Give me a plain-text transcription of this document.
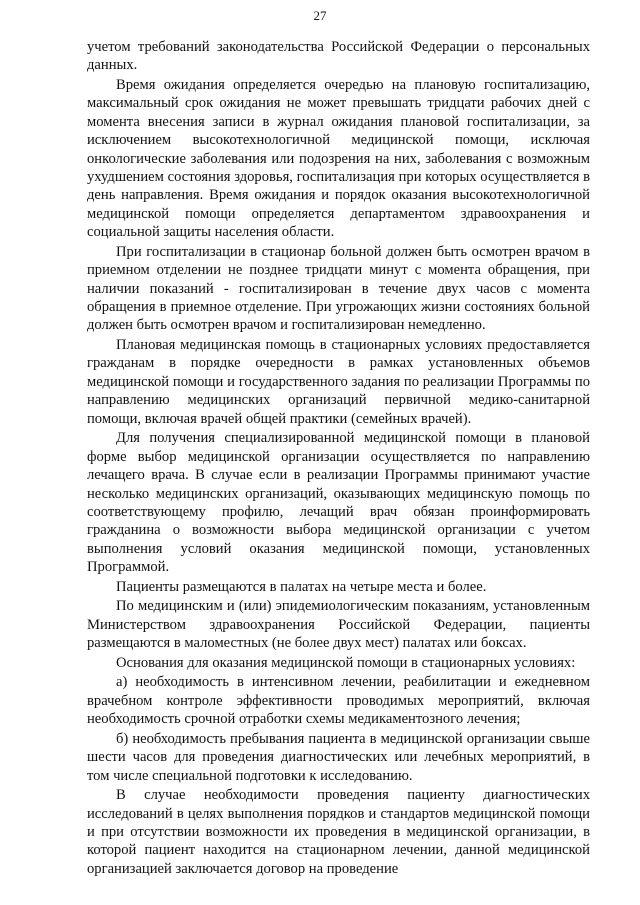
27

учетом требований законодательства Российской Федерации о персональных данных.

Время ожидания определяется очередью на плановую госпитализацию, максимальный срок ожидания не может превышать тридцати рабочих дней с момента внесения записи в журнал ожидания плановой госпитализации, за исключением высокотехнологичной медицинской помощи, исключая онкологические заболевания или подозрения на них, заболевания с возможным ухудшением состояния здоровья, госпитализация при которых осуществляется в день направления. Время ожидания и порядок оказания высокотехнологичной медицинской помощи определяется департаментом здравоохранения и социальной защиты населения области.

При госпитализации в стационар больной должен быть осмотрен врачом в приемном отделении не позднее тридцати минут с момента обращения, при наличии показаний - госпитализирован в течение двух часов с момента обращения в приемное отделение. При угрожающих жизни состояниях больной должен быть осмотрен врачом и госпитализирован немедленно.

Плановая медицинская помощь в стационарных условиях предоставляется гражданам в порядке очередности в рамках установленных объемов медицинской помощи и государственного задания по реализации Программы по направлению медицинских организаций первичной медико-санитарной помощи, включая врачей общей практики (семейных врачей).

Для получения специализированной медицинской помощи в плановой форме выбор медицинской организации осуществляется по направлению лечащего врача. В случае если в реализации Программы принимают участие несколько медицинских организаций, оказывающих медицинскую помощь по соответствующему профилю, лечащий врач обязан проинформировать гражданина о возможности выбора медицинской организации с учетом выполнения условий оказания медицинской помощи, установленных Программой.

Пациенты размещаются в палатах на четыре места и более.

По медицинским и (или) эпидемиологическим показаниям, установленным Министерством здравоохранения Российской Федерации, пациенты размещаются в маломестных (не более двух мест) палатах или боксах.

Основания для оказания медицинской помощи в стационарных условиях:

а) необходимость в интенсивном лечении, реабилитации и ежедневном врачебном контроле эффективности проводимых мероприятий, включая необходимость срочной отработки схемы медикаментозного лечения;

б) необходимость пребывания пациента в медицинской организации свыше шести часов для проведения диагностических или лечебных мероприятий, в том числе специальной подготовки к исследованию.

В случае необходимости проведения пациенту диагностических исследований в целях выполнения порядков и стандартов медицинской помощи и при отсутствии возможности их проведения в медицинской организации, в которой пациент находится на стационарном лечении, данной медицинской организацией заключается договор на проведение
